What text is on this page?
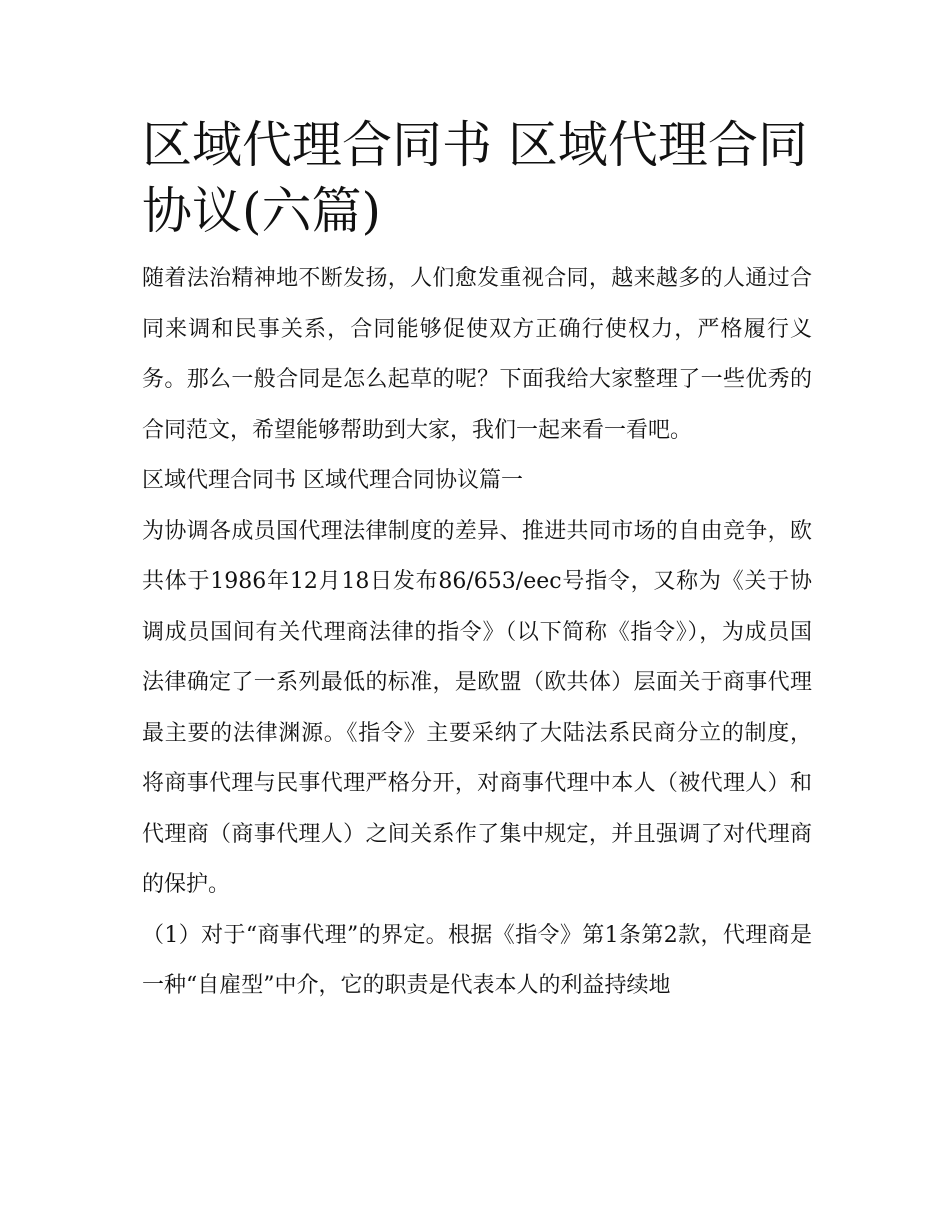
区域代理合同书 区域代理合同协议(六篇)

随着法治精神地不断发扬，人们愈发重视合同，越来越多的人通过合同来调和民事关系，合同能够促使双方正确行使权力，严格履行义务。那么一般合同是怎么起草的呢？下面我给大家整理了一些优秀的合同范文，希望能够帮助到大家，我们一起来看一看吧。

区域代理合同书 区域代理合同协议篇一

为协调各成员国代理法律制度的差异、推进共同市场的自由竞争，欧共体于1986年12月18日发布86/653/eec号指令，又称为《关于协调成员国间有关代理商法律的指令》（以下简称《指令》），为成员国法律确定了一系列最低的标准，是欧盟（欧共体）层面关于商事代理最主要的法律渊源。《指令》主要采纳了大陆法系民商分立的制度，将商事代理与民事代理严格分开，对商事代理中本人（被代理人）和代理商（商事代理人）之间关系作了集中规定，并且强调了对代理商的保护。

（1）对于“商事代理”的界定。根据《指令》第1条第2款，代理商是一种“自雇型”中介，它的职责是代表本人的利益持续地
